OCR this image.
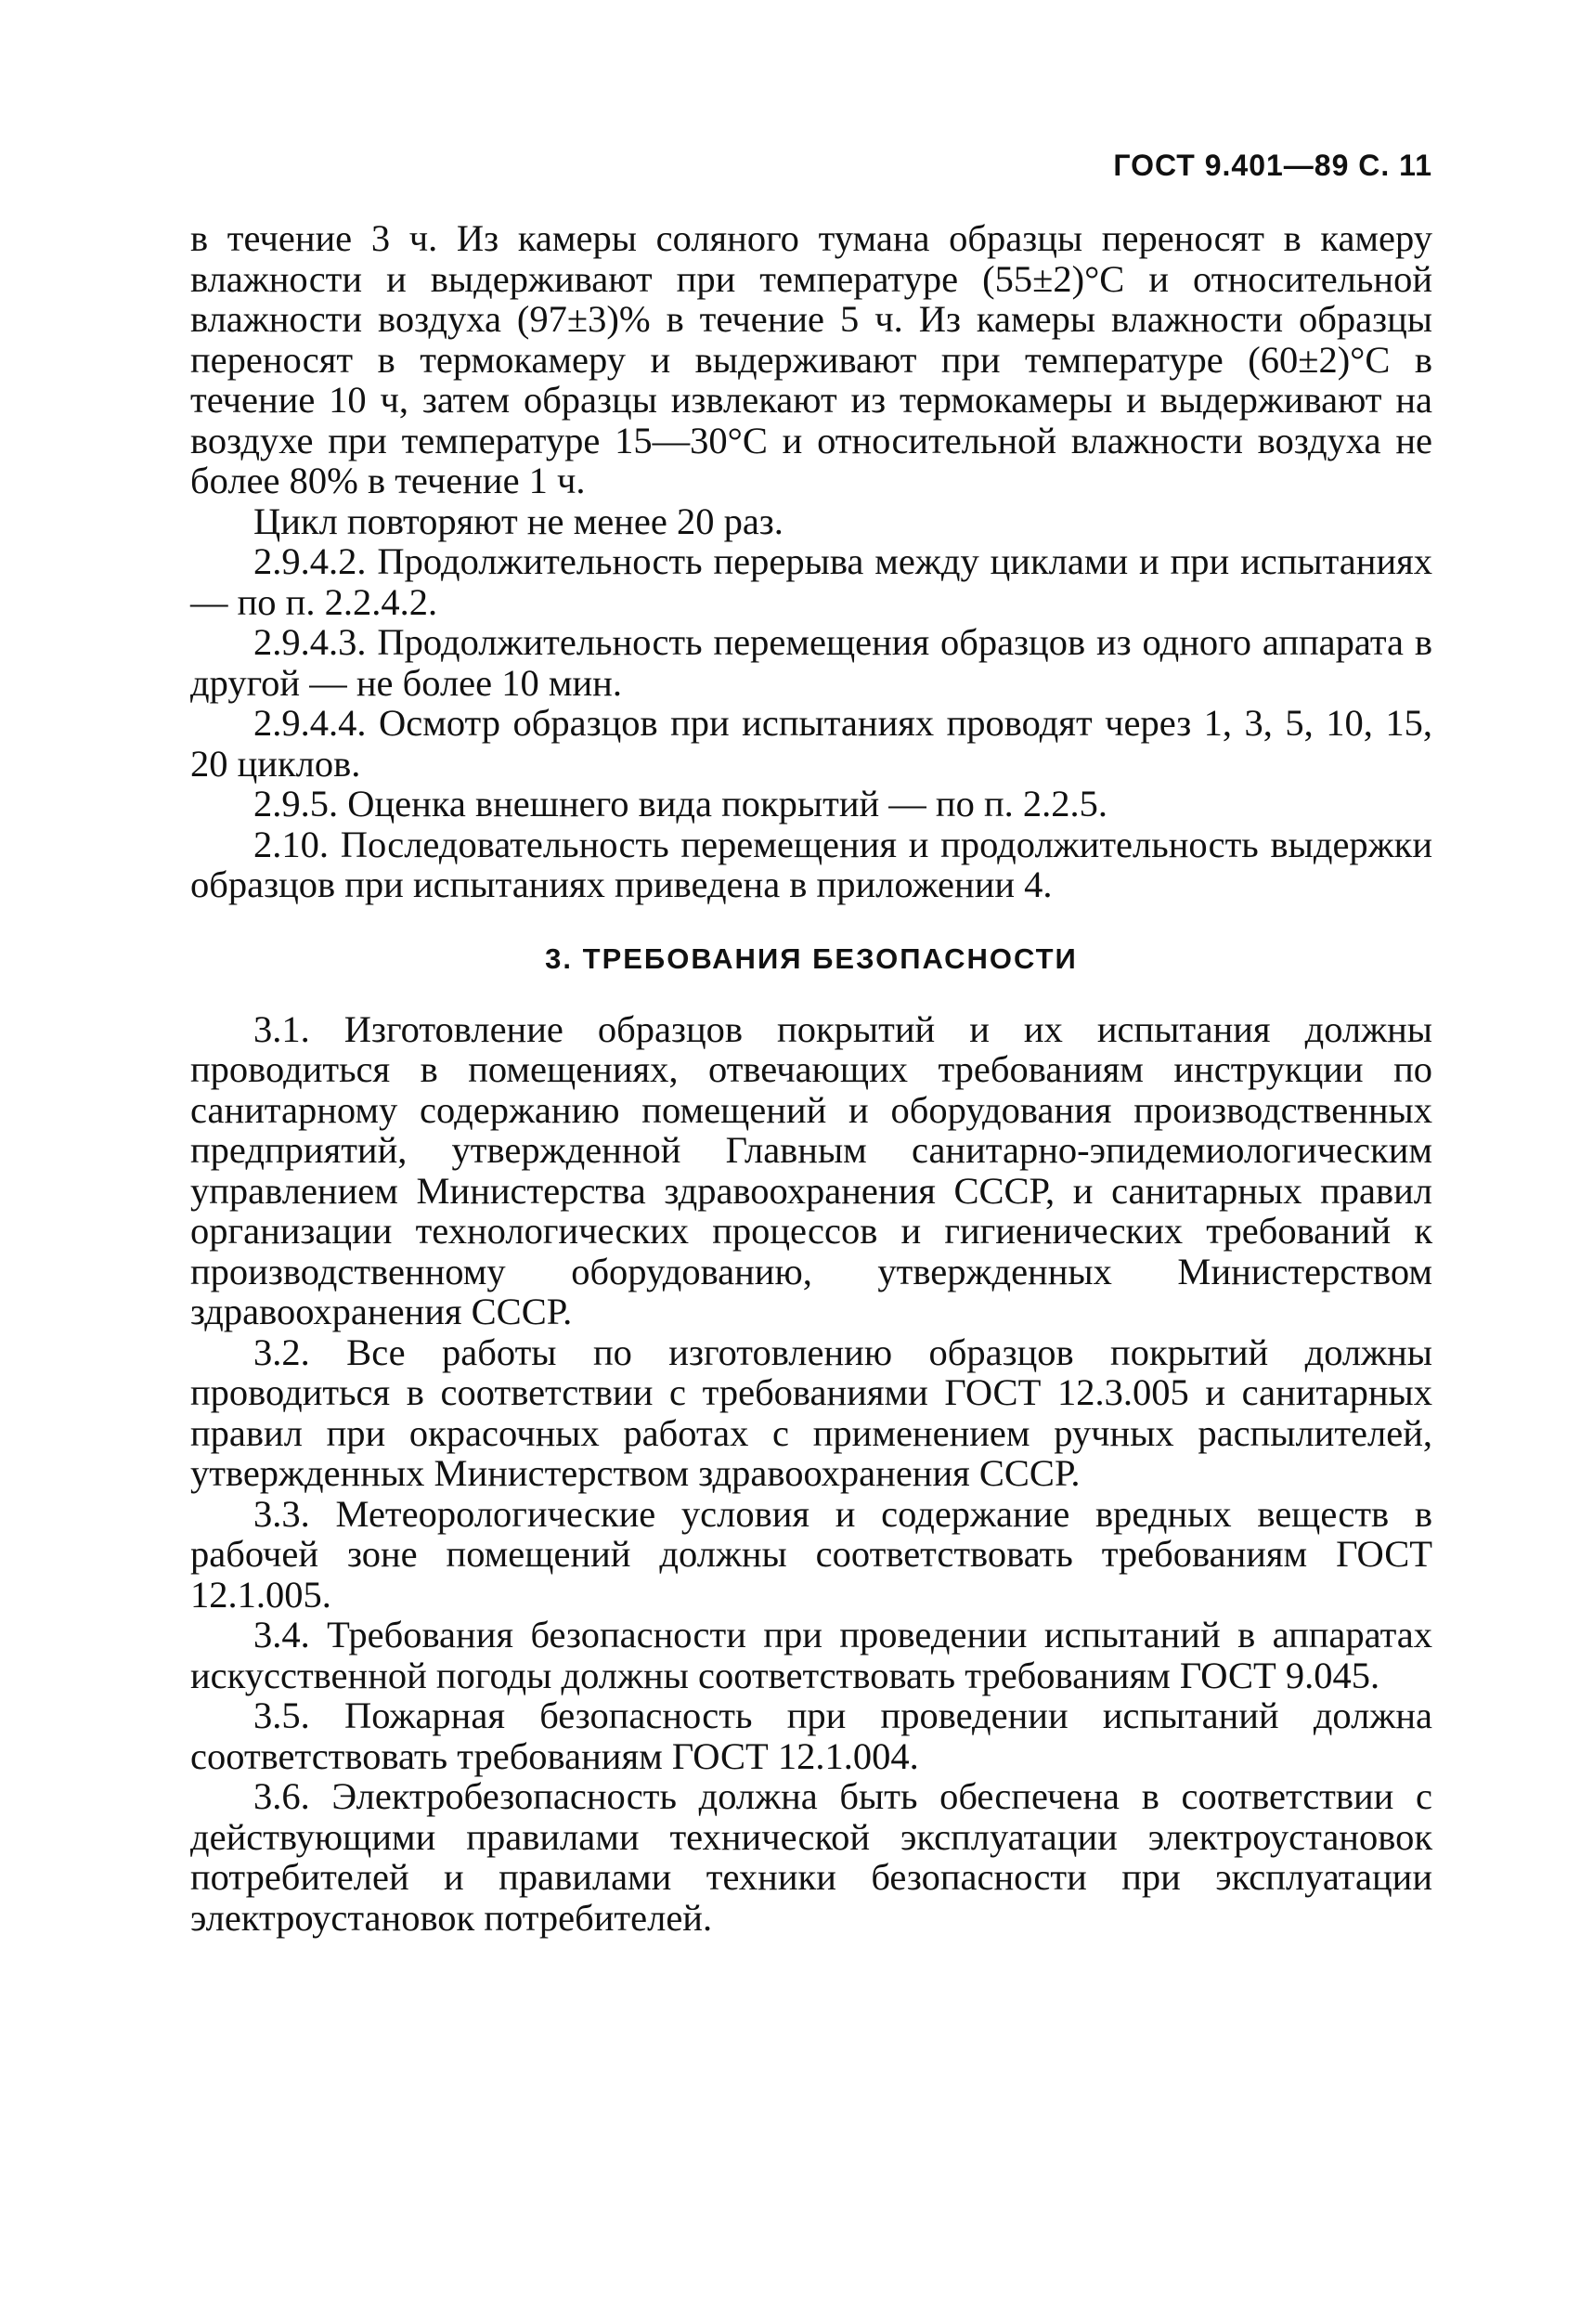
ГОСТ 9.401—89 С. 11

в течение 3 ч. Из камеры соляного тумана образцы переносят в камеру влажности и выдерживают при температуре (55±2)°С и относительной влажности воздуха (97±3)% в течение 5 ч. Из камеры влажности образцы переносят в термокамеру и выдерживают при температуре (60±2)°С в течение 10 ч, затем образцы извлекают из термокамеры и выдерживают на воздухе при температуре 15—30°С и относительной влажности воздуха не более 80% в течение 1 ч.

Цикл повторяют не менее 20 раз.

2.9.4.2. Продолжительность перерыва между циклами и при испытаниях — по п. 2.2.4.2.

2.9.4.3. Продолжительность перемещения образцов из одного аппарата в другой — не более 10 мин.

2.9.4.4. Осмотр образцов при испытаниях проводят через 1, 3, 5, 10, 15, 20 циклов.

2.9.5. Оценка внешнего вида покрытий — по п. 2.2.5.

2.10. Последовательность перемещения и продолжительность выдержки образцов при испытаниях приведена в приложении 4.

3. ТРЕБОВАНИЯ БЕЗОПАСНОСТИ

3.1. Изготовление образцов покрытий и их испытания должны проводиться в помещениях, отвечающих требованиям инструкции по санитарному содержанию помещений и оборудования производственных предприятий, утвержденной Главным санитарно-эпидемиологическим управлением Министерства здравоохранения СССР, и санитарных правил организации технологических процессов и гигиенических требований к производственному оборудованию, утвержденных Министерством здравоохранения СССР.

3.2. Все работы по изготовлению образцов покрытий должны проводиться в соответствии с требованиями ГОСТ 12.3.005 и санитарных правил при окрасочных работах с применением ручных распылителей, утвержденных Министерством здравоохранения СССР.

3.3. Метеорологические условия и содержание вредных веществ в рабочей зоне помещений должны соответствовать требованиям ГОСТ 12.1.005.

3.4. Требования безопасности при проведении испытаний в аппаратах искусственной погоды должны соответствовать требованиям ГОСТ 9.045.

3.5. Пожарная безопасность при проведении испытаний должна соответствовать требованиям ГОСТ 12.1.004.

3.6. Электробезопасность должна быть обеспечена в соответствии с действующими правилами технической эксплуатации электроустановок потребителей и правилами техники безопасности при эксплуатации электроустановок потребителей.
